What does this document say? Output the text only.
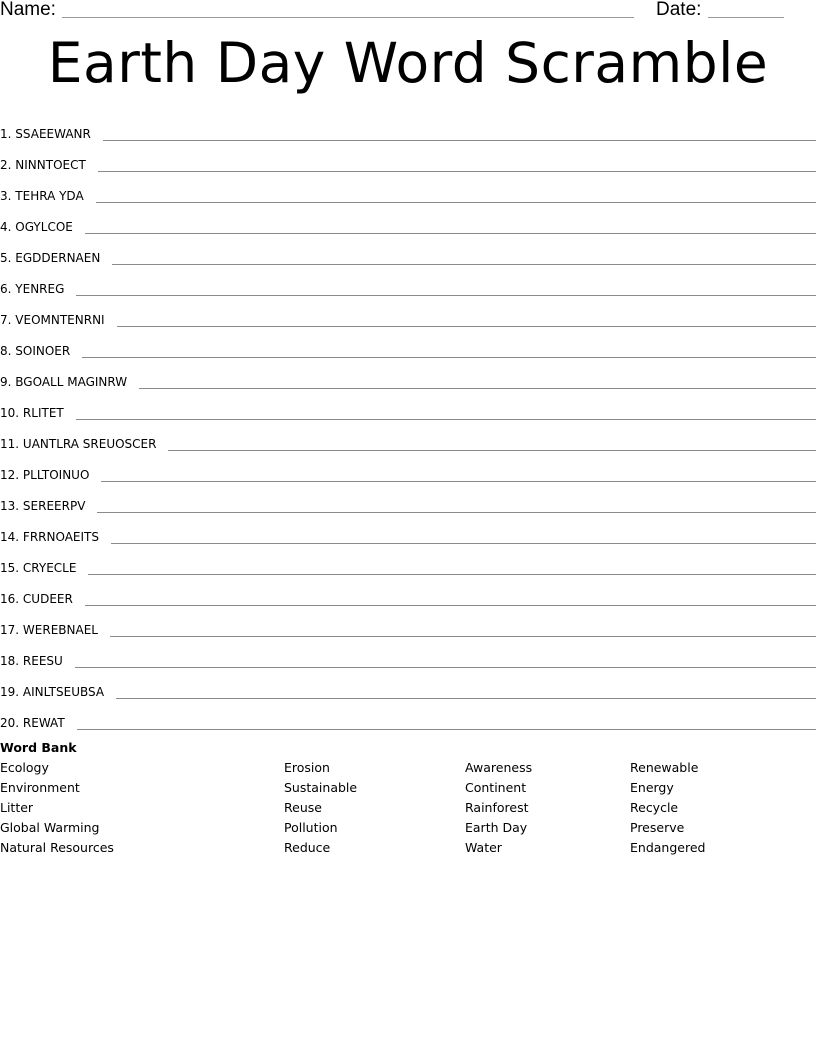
Name:	Date:
Earth Day Word Scramble
1.
SSAEEWANR
2.
NINNTOECT
3.
TEHRA YDA
4.
OGYLCOE
5.
EGDDERNAEN
6.
YENREG
7.
VEOMNTENRNI
8.
SOINOER
9.
BGOALL MAGINRW
10.
RLITET
11.
UANTLRA SREUOSCER
12.
PLLTOINUO
13.
SEREERPV
14.
FRRNOAEITS
15.
CRYECLE
16.
CUDEER
17.
WEREBNAEL
18.
REESU
19.
AINLTSEUBSA
20.
REWAT
Word Bank
Ecology
Environment
Litter
Global Warming
Natural Resources
Erosion
Sustainable
Reuse
Pollution
Reduce
Awareness
Continent
Rainforest
Earth Day
Water
Renewable
Energy
Recycle
Preserve
Endangered
